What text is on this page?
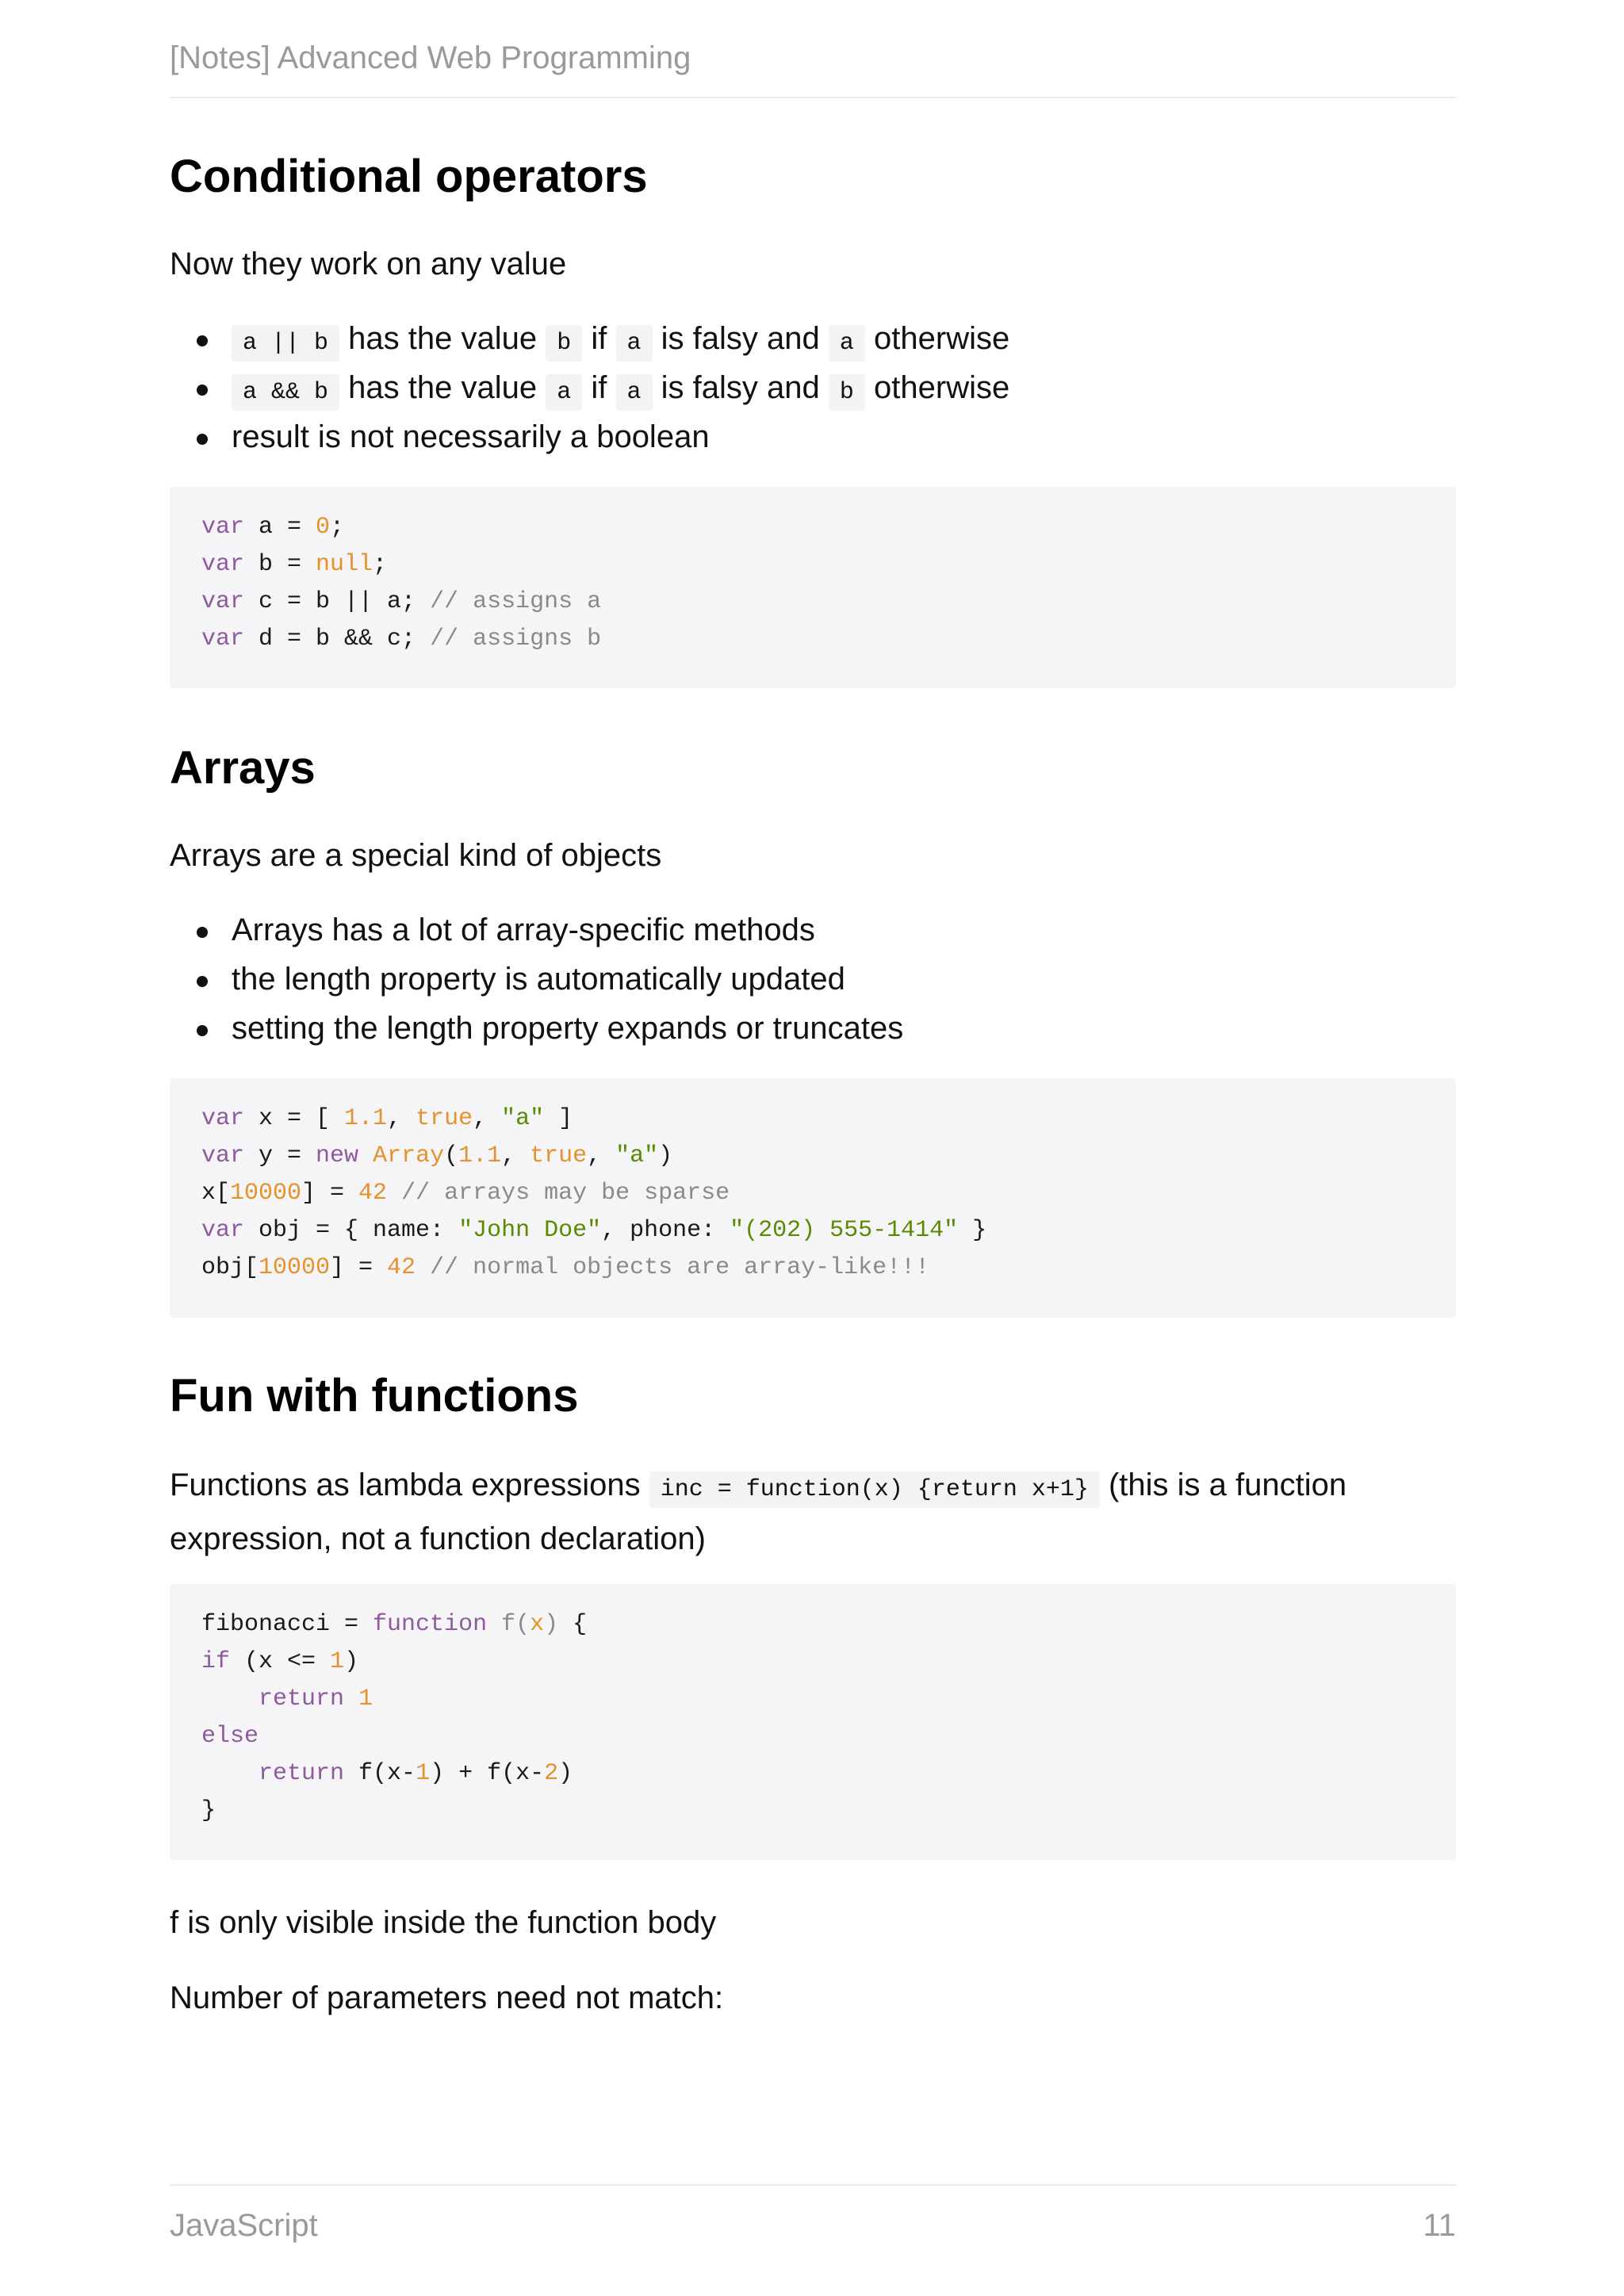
[Notes] Advanced Web Programming
Conditional operators

Now they work on any value

a || b has the value b if a is falsy and a otherwise
a && b has the value a if a is falsy and b otherwise
result is not necessarily a boolean
var a = 0;
var b = null;
var c = b || a; // assigns a
var d = b && c; // assigns b
Arrays

Arrays are a special kind of objects

Arrays has a lot of array-specific methods
the length property is automatically updated
setting the length property expands or truncates
var x = [ 1.1, true, "a" ]
var y = new Array(1.1, true, "a")
x[10000] = 42 // arrays may be sparse
var obj = { name: "John Doe", phone: "(202) 555-1414" }
obj[10000] = 42 // normal objects are array-like!!!
Fun with functions

Functions as lambda expressions inc = function(x) {return x+1} (this is a function
expression, not a function declaration)

fibonacci = function f(x) {
if (x <= 1)
return 1
else
return f(x-1) + f(x-2)
}

f is only visible inside the function body

Number of parameters need not match:

JavaScript	11
